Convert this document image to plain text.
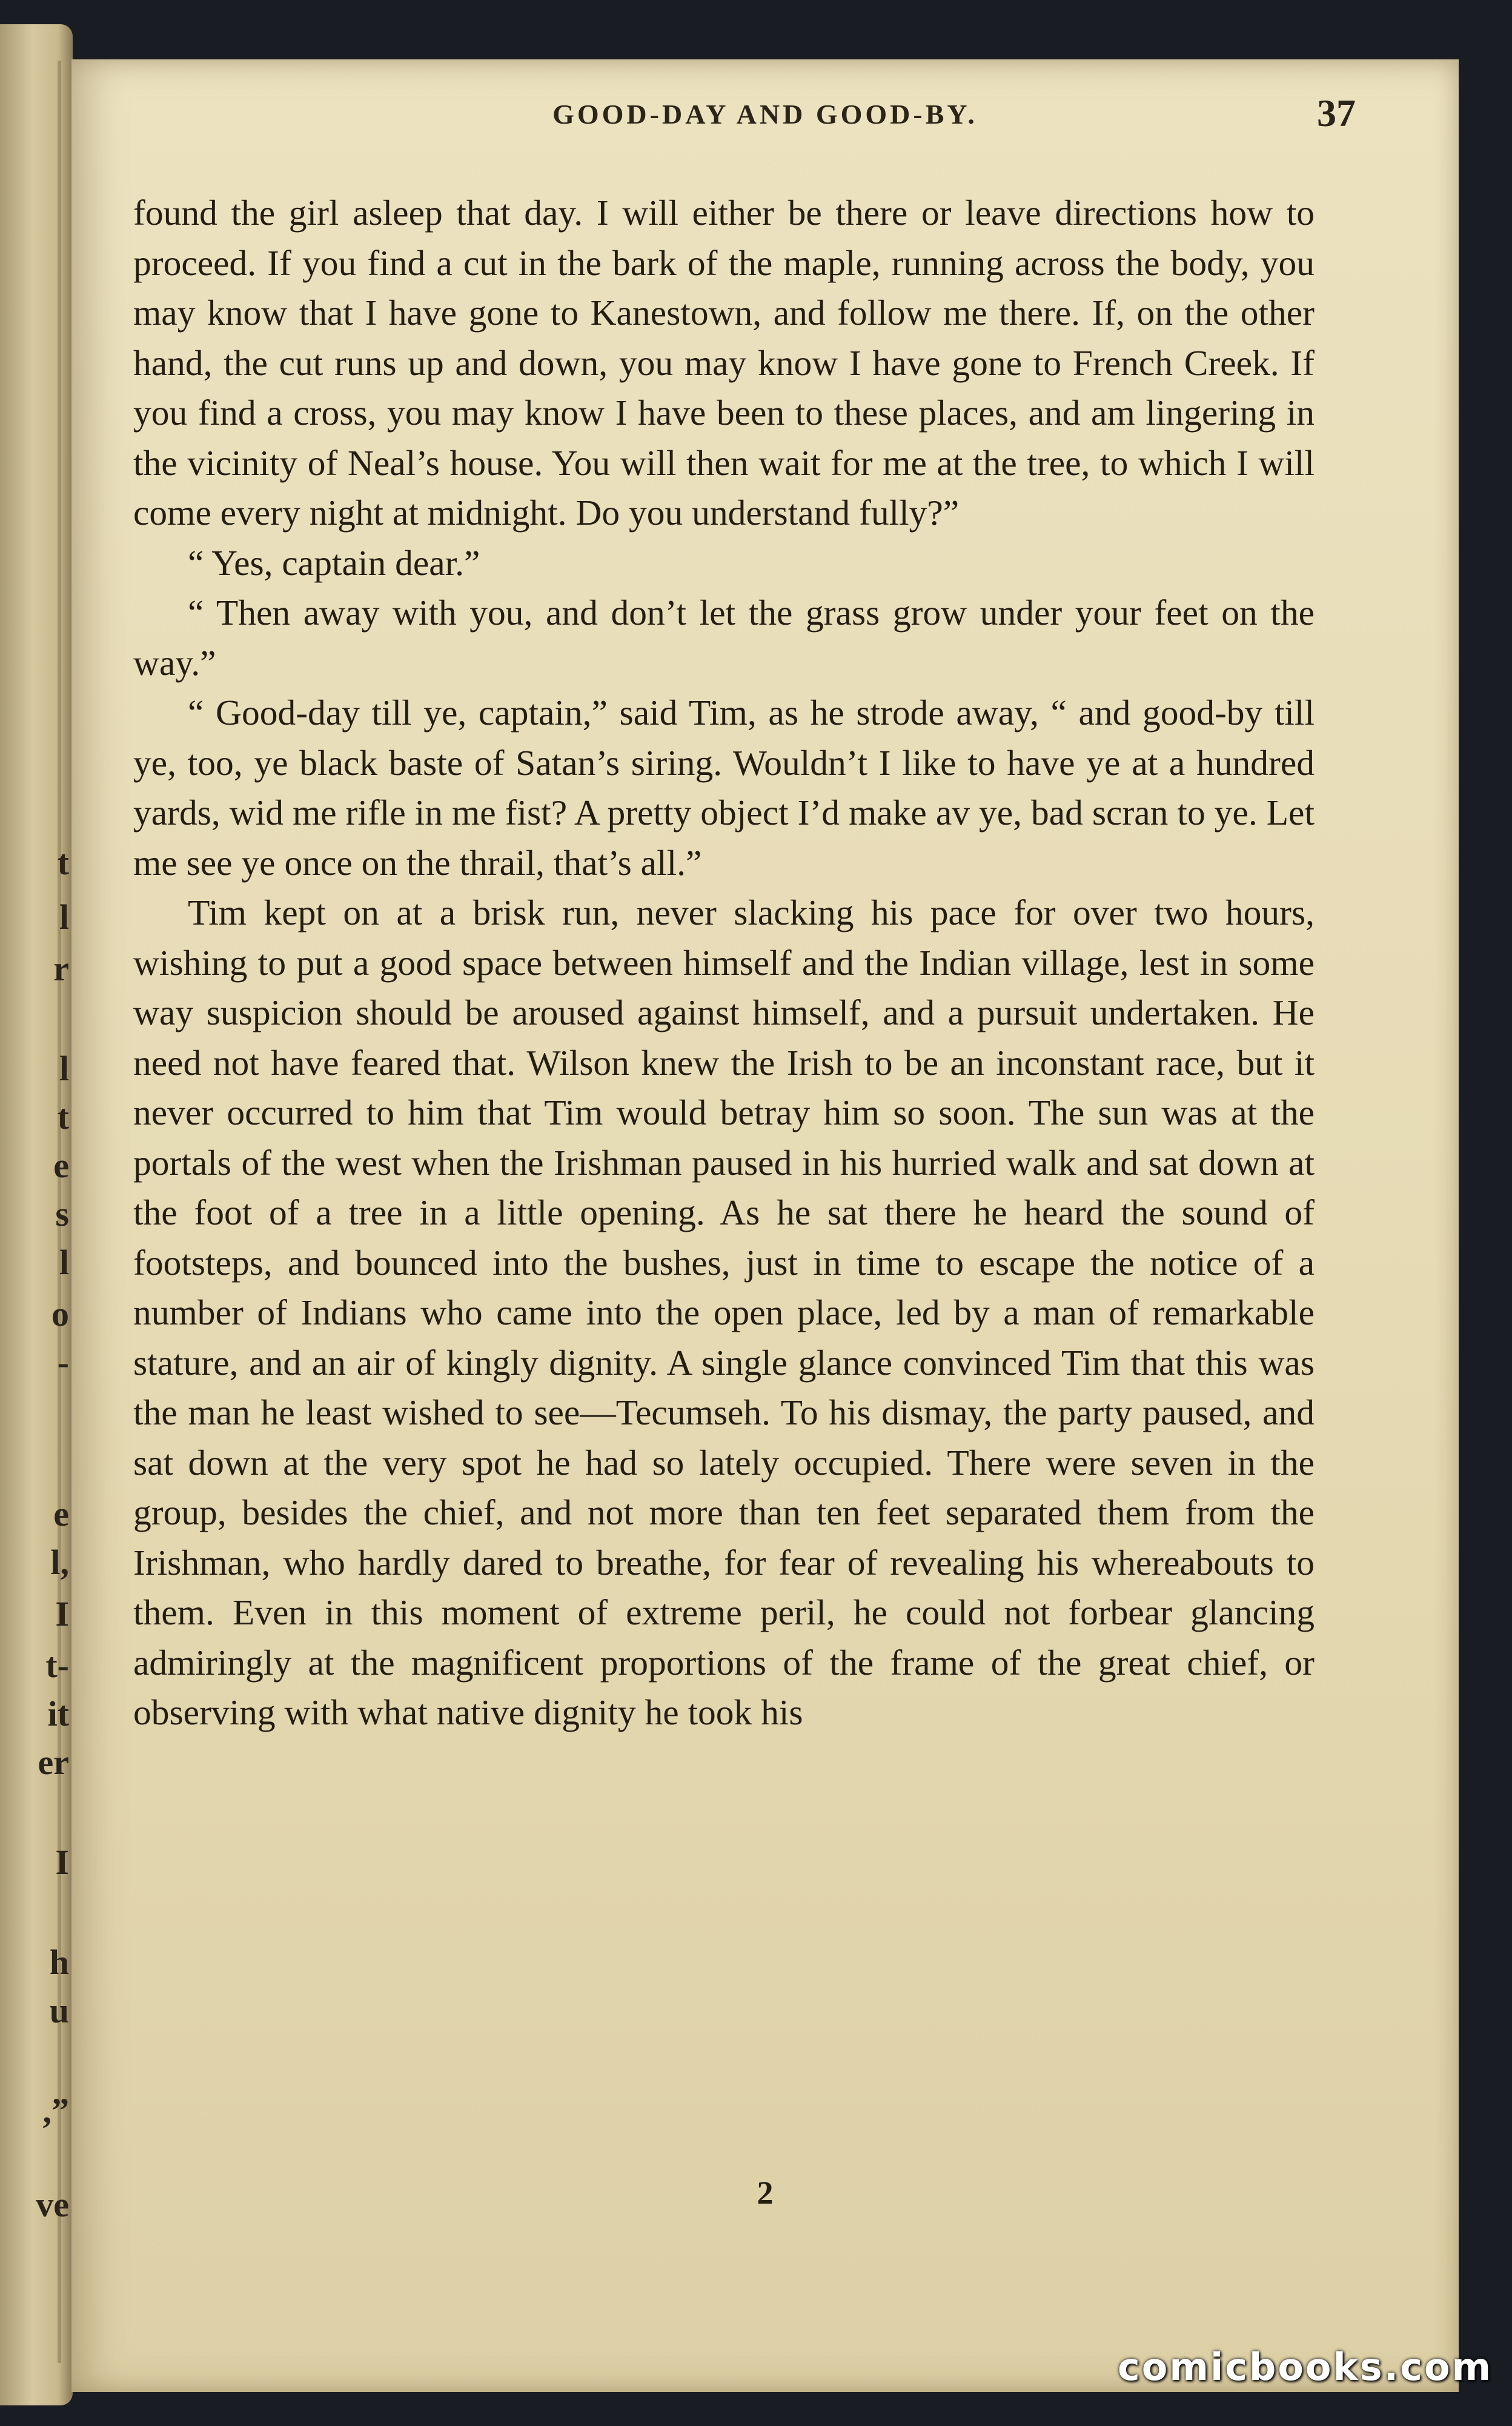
t
l
r
l
t
e
s
l
o
-
e
l,
I
t-
it
er
I
h
u
,”
ve
GOOD-DAY AND GOOD-BY.	37

found the girl asleep that day. I will either be there or leave directions how to proceed. If you find a cut in the bark of the maple, running across the body, you may know that I have gone to Kanestown, and follow me there. If, on the other hand, the cut runs up and down, you may know I have gone to French Creek. If you find a cross, you may know I have been to these places, and am lingering in the vicinity of Neal’s house. You will then wait for me at the tree, to which I will come every night at midnight. Do you understand fully?”

“ Yes, captain dear.”

“ Then away with you, and don’t let the grass grow under your feet on the way.”

“ Good-day till ye, captain,” said Tim, as he strode away, “ and good-by till ye, too, ye black baste of Satan’s siring. Wouldn’t I like to have ye at a hundred yards, wid me rifle in me fist? A pretty object I’d make av ye, bad scran to ye. Let me see ye once on the thrail, that’s all.”

Tim kept on at a brisk run, never slacking his pace for over two hours, wishing to put a good space between himself and the Indian village, lest in some way suspicion should be aroused against himself, and a pursuit undertaken. He need not have feared that. Wilson knew the Irish to be an inconstant race, but it never occurred to him that Tim would betray him so soon. The sun was at the portals of the west when the Irishman paused in his hurried walk and sat down at the foot of a tree in a little opening. As he sat there he heard the sound of footsteps, and bounced into the bushes, just in time to escape the notice of a number of Indians who came into the open place, led by a man of remarkable stature, and an air of kingly dignity. A single glance convinced Tim that this was the man he least wished to see—Tecumseh. To his dismay, the party paused, and sat down at the very spot he had so lately occupied. There were seven in the group, besides the chief, and not more than ten feet separated them from the Irishman, who hardly dared to breathe, for fear of revealing his whereabouts to them. Even in this moment of extreme peril, he could not forbear glancing admiringly at the magnificent proportions of the frame of the great chief, or observing with what native dignity he took his

2
comicbooks.com
